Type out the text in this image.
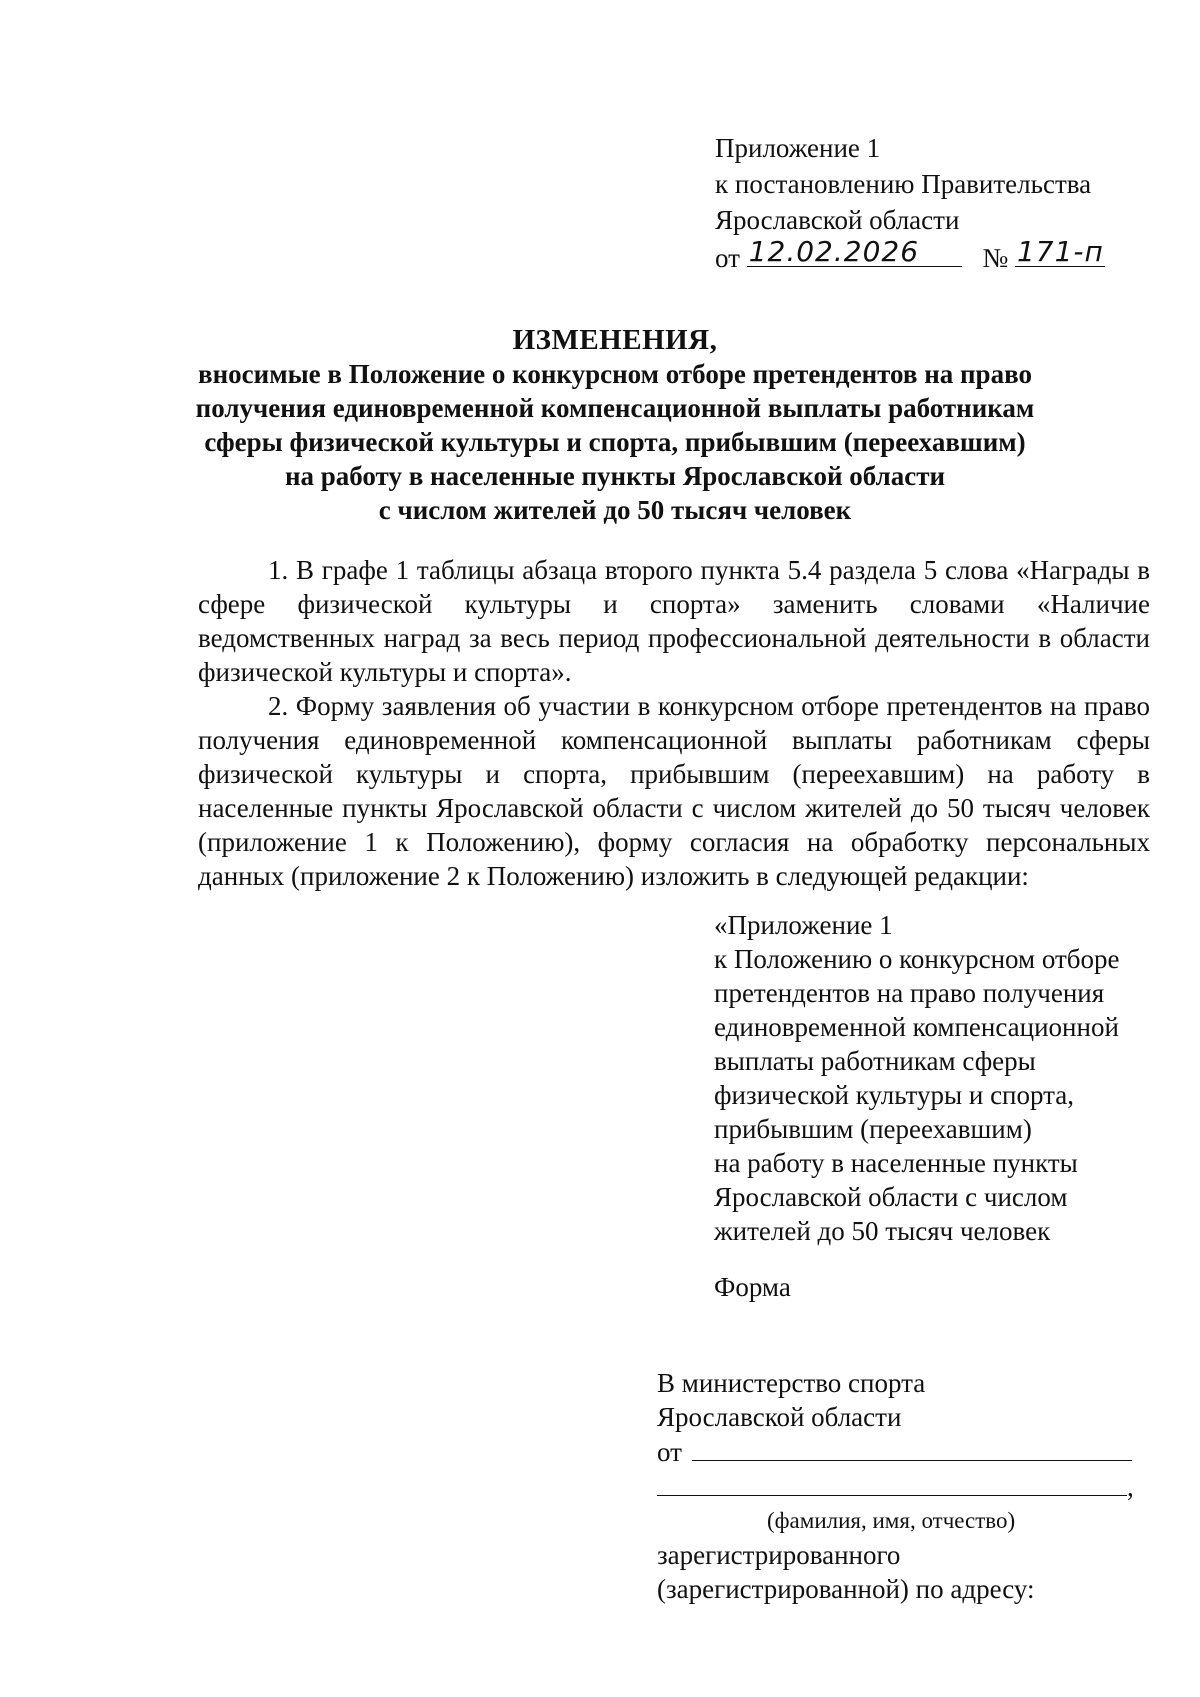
Приложение 1
к постановлению Правительства
Ярославской области
от 12.02.2026 № 171-п
ИЗМЕНЕНИЯ,
вносимые в Положение о конкурсном отборе претендентов на право
получения единовременной компенсационной выплаты работникам
сферы физической культуры и спорта, прибывшим (переехавшим)
на работу в населенные пункты Ярославской области
с числом жителей до 50 тысяч человек

1. В графе 1 таблицы абзаца второго пункта 5.4 раздела 5 слова «Награды в сфере физической культуры и спорта» заменить словами «Наличие ведомственных наград за весь период профессиональной деятельности в области физической культуры и спорта».

2. Форму заявления об участии в конкурсном отборе претендентов на право получения единовременной компенсационной выплаты работникам сферы физической культуры и спорта, прибывшим (переехавшим) на работу в населенные пункты Ярославской области с числом жителей до 50 тысяч человек (приложение 1 к Положению), форму согласия на обработку персональных данных (приложение 2 к Положению) изложить в следующей редакции:

«Приложение 1
к Положению о конкурсном отборе
претендентов на право получения
единовременной компенсационной
выплаты работникам сферы
физической культуры и спорта,
прибывшим (переехавшим)
на работу в населенные пункты
Ярославской области с числом
жителей до 50 тысяч человек
Форма
В министерство спорта
Ярославской области
от
,
(фамилия, имя, отчество)
зарегистрированного
(зарегистрированной) по адресу:
